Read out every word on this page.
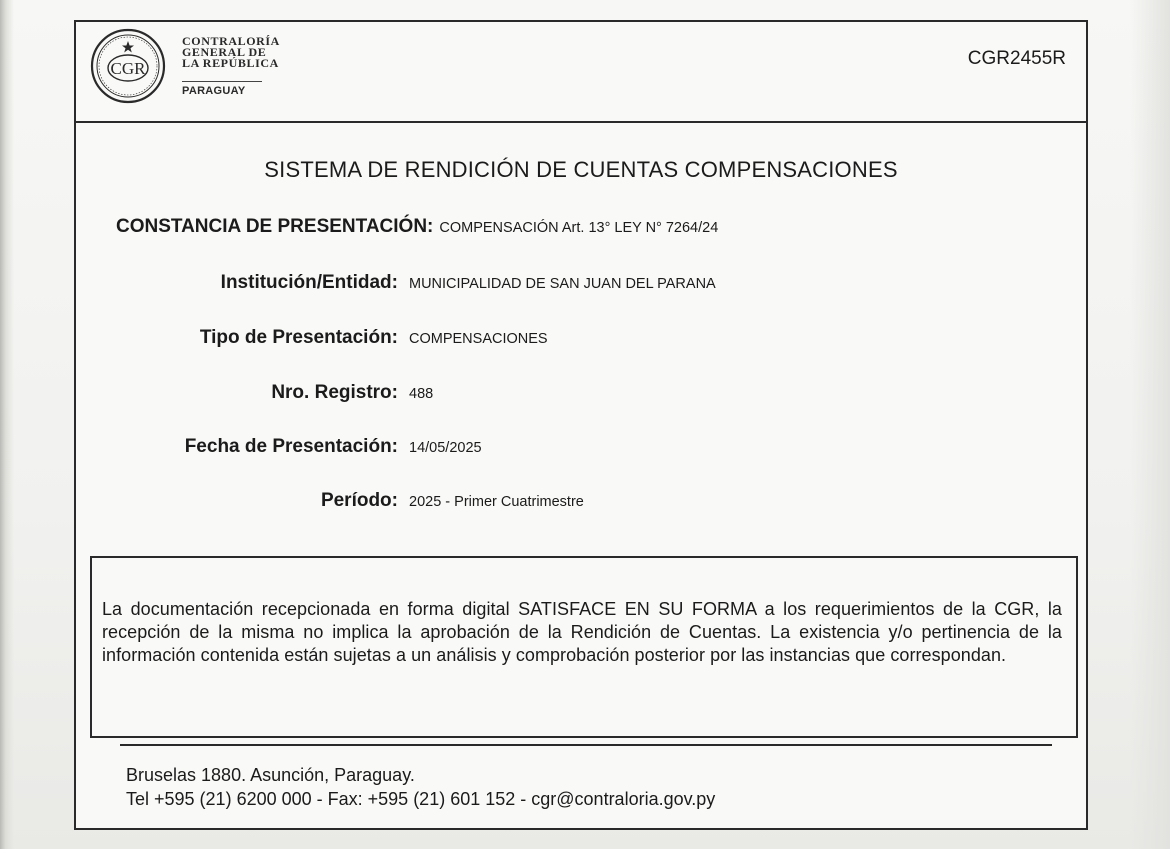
CGR
CONTRALORÍA
GENERAL DE
LA REPÚBLICA
PARAGUAY
CGR2455R
SISTEMA DE RENDICIÓN DE CUENTAS COMPENSACIONES
CONSTANCIA DE PRESENTACIÓN: COMPENSACIÓN Art. 13° LEY N° 7264/24
Institución/Entidad: MUNICIPALIDAD DE SAN JUAN DEL PARANA
Tipo de Presentación: COMPENSACIONES
Nro. Registro: 488
Fecha de Presentación: 14/05/2025
Período: 2025 - Primer Cuatrimestre

La documentación recepcionada en forma digital SATISFACE EN SU FORMA a los requerimientos de la CGR, la recepción de la misma no implica la aprobación de la Rendición de Cuentas. La existencia y/o pertinencia de la información contenida están sujetas a un análisis y comprobación posterior por las instancias que correspondan.

Bruselas 1880. Asunción, Paraguay.
Tel +595 (21) 6200 000 - Fax: +595 (21) 601 152 - cgr@contraloria.gov.py
